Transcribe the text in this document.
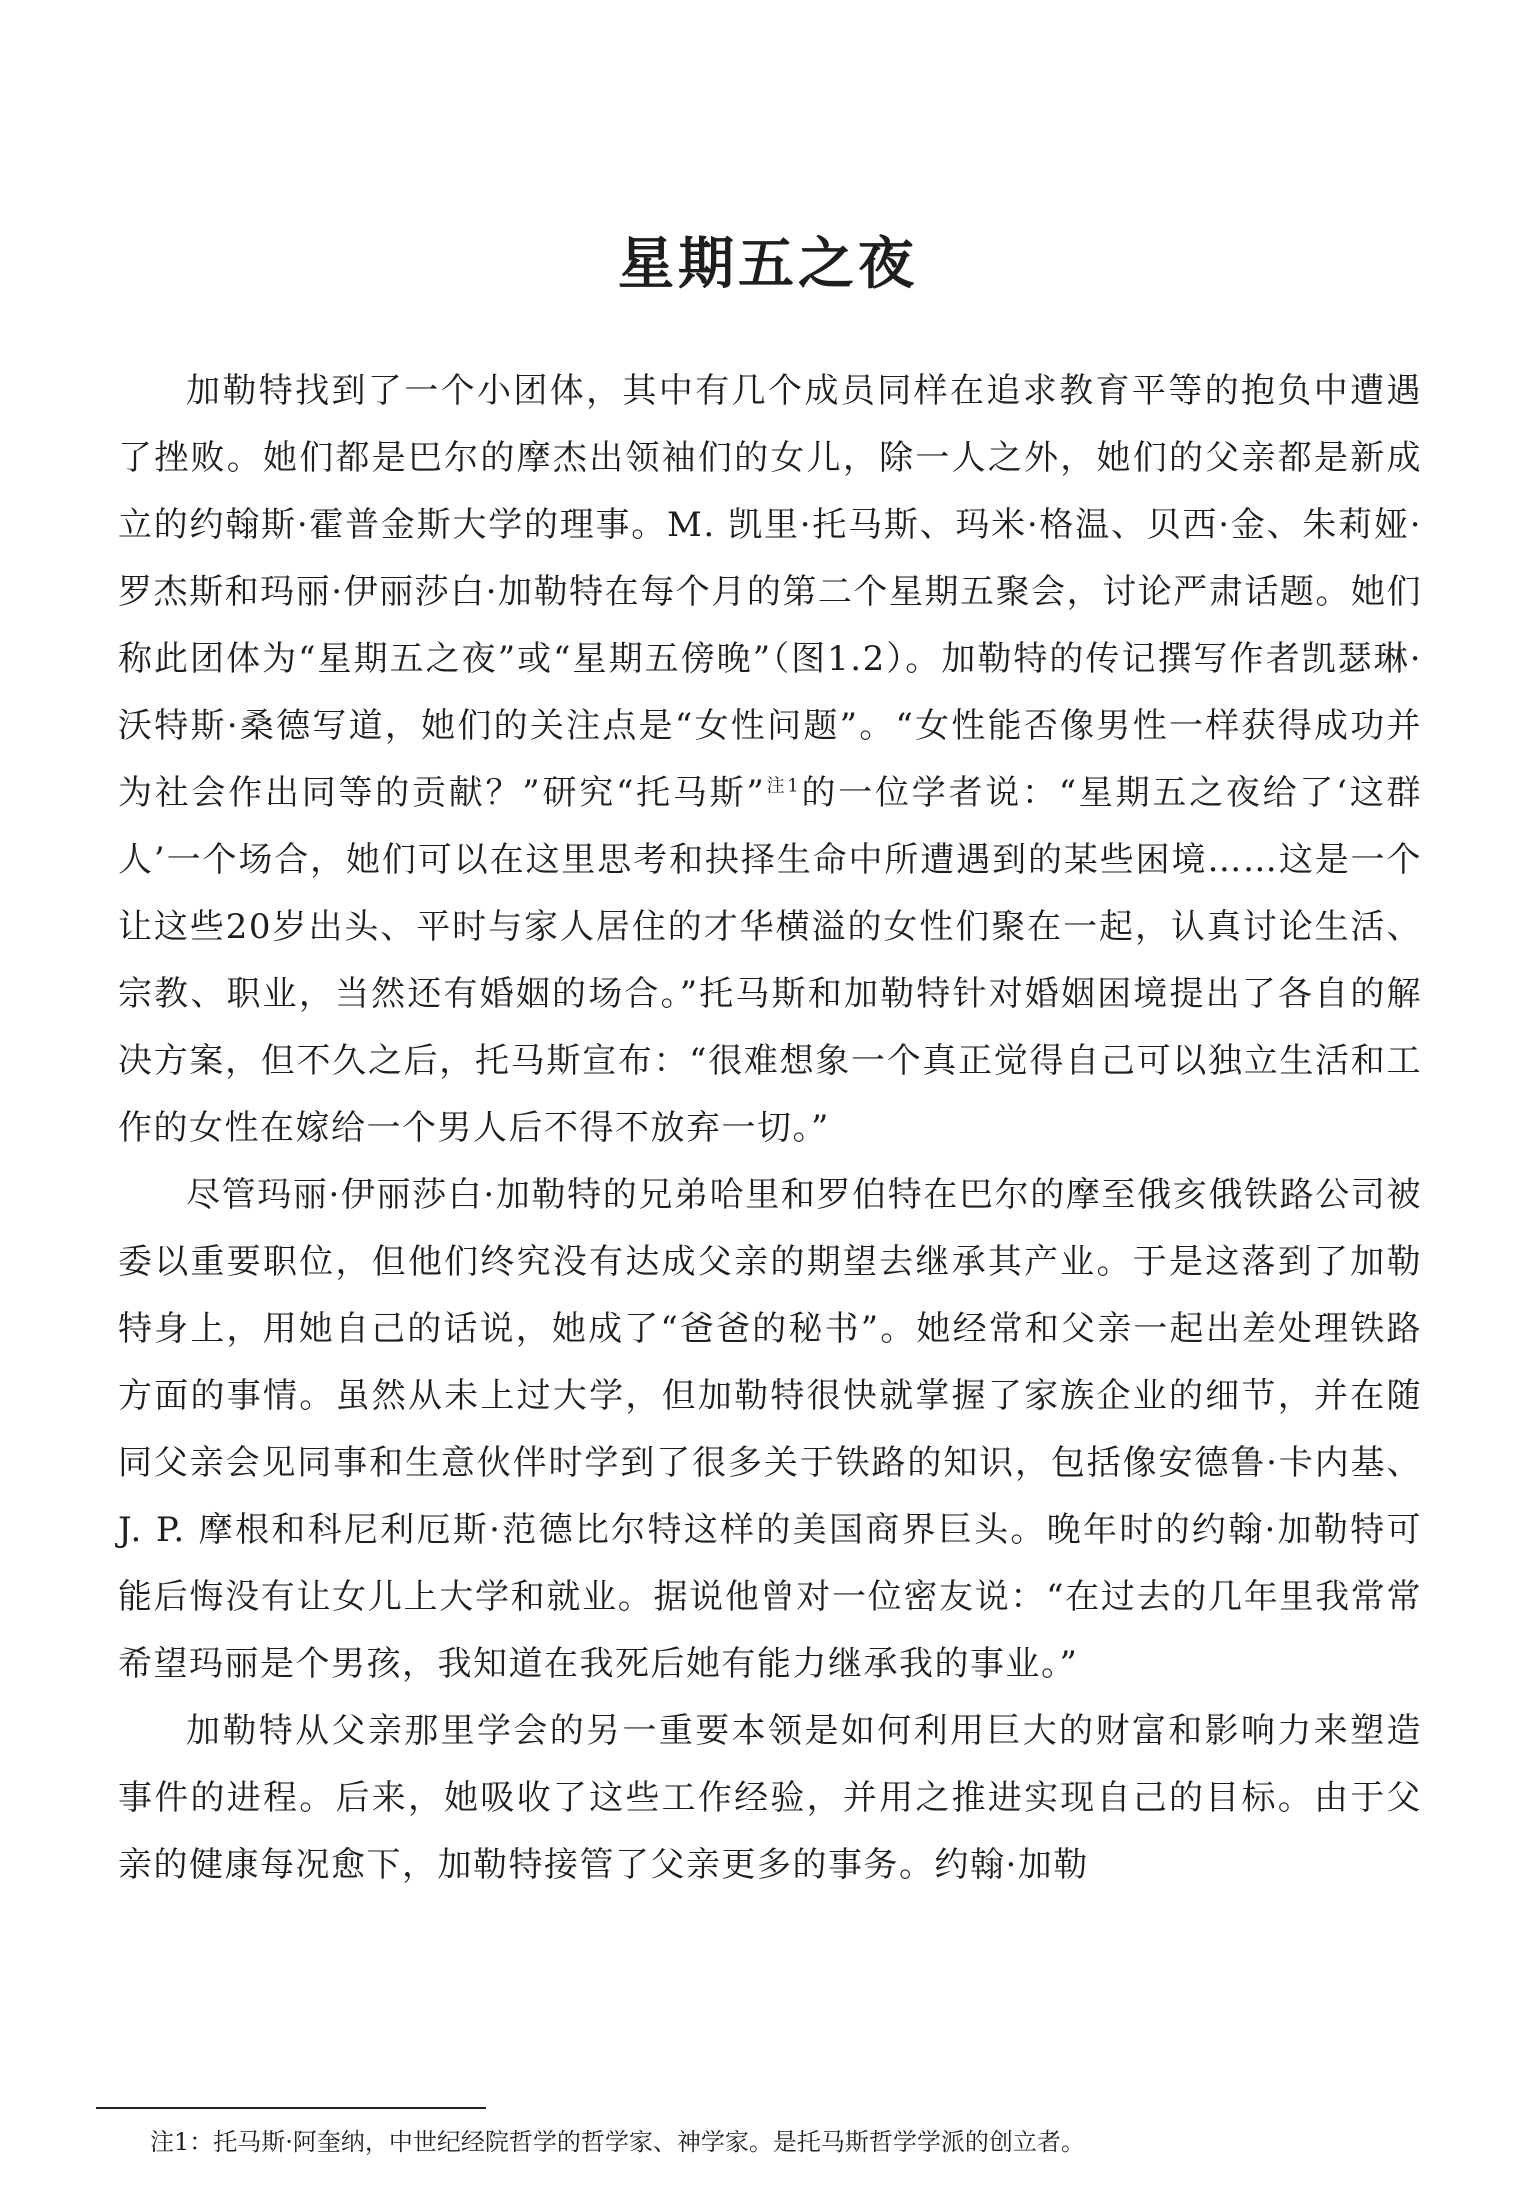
星期五之夜

加勒特找到了一个小团体，其中有几个成员同样在追求教育平等的抱负中遭遇了挫败。她们都是巴尔的摩杰出领袖们的女儿，除一人之外，她们的父亲都是新成立的约翰斯·霍普金斯大学的理事。M. 凯里·托马斯、玛米·格温、贝西·金、朱莉娅·罗杰斯和玛丽·伊丽莎白·加勒特在每个月的第二个星期五聚会，讨论严肃话题。她们称此团体为“星期五之夜”或“星期五傍晚”（图1.2）。加勒特的传记撰写作者凯瑟琳·沃特斯·桑德写道，她们的关注点是“女性问题”。“女性能否像男性一样获得成功并为社会作出同等的贡献？”研究“托马斯”$^{注1}$的一位学者说：“星期五之夜给了‘这群人’一个场合，她们可以在这里思考和抉择生命中所遭遇到的某些困境……这是一个让这些20岁出头、平时与家人居住的才华横溢的女性们聚在一起，认真讨论生活、宗教、职业，当然还有婚姻的场合。”托马斯和加勒特针对婚姻困境提出了各自的解决方案，但不久之后，托马斯宣布：“很难想象一个真正觉得自己可以独立生活和工作的女性在嫁给一个男人后不得不放弃一切。”

尽管玛丽·伊丽莎白·加勒特的兄弟哈里和罗伯特在巴尔的摩至俄亥俄铁路公司被委以重要职位，但他们终究没有达成父亲的期望去继承其产业。于是这落到了加勒特身上，用她自己的话说，她成了“爸爸的秘书”。她经常和父亲一起出差处理铁路方面的事情。虽然从未上过大学，但加勒特很快就掌握了家族企业的细节，并在随同父亲会见同事和生意伙伴时学到了很多关于铁路的知识，包括像安德鲁·卡内基、J. P. 摩根和科尼利厄斯·范德比尔特这样的美国商界巨头。晚年时的约翰·加勒特可能后悔没有让女儿上大学和就业。据说他曾对一位密友说：“在过去的几年里我常常希望玛丽是个男孩，我知道在我死后她有能力继承我的事业。”

加勒特从父亲那里学会的另一重要本领是如何利用巨大的财富和影响力来塑造事件的进程。后来，她吸收了这些工作经验，并用之推进实现自己的目标。由于父亲的健康每况愈下，加勒特接管了父亲更多的事务。约翰·加勒

注1：托马斯·阿奎纳，中世纪经院哲学的哲学家、神学家。是托马斯哲学学派的创立者。
